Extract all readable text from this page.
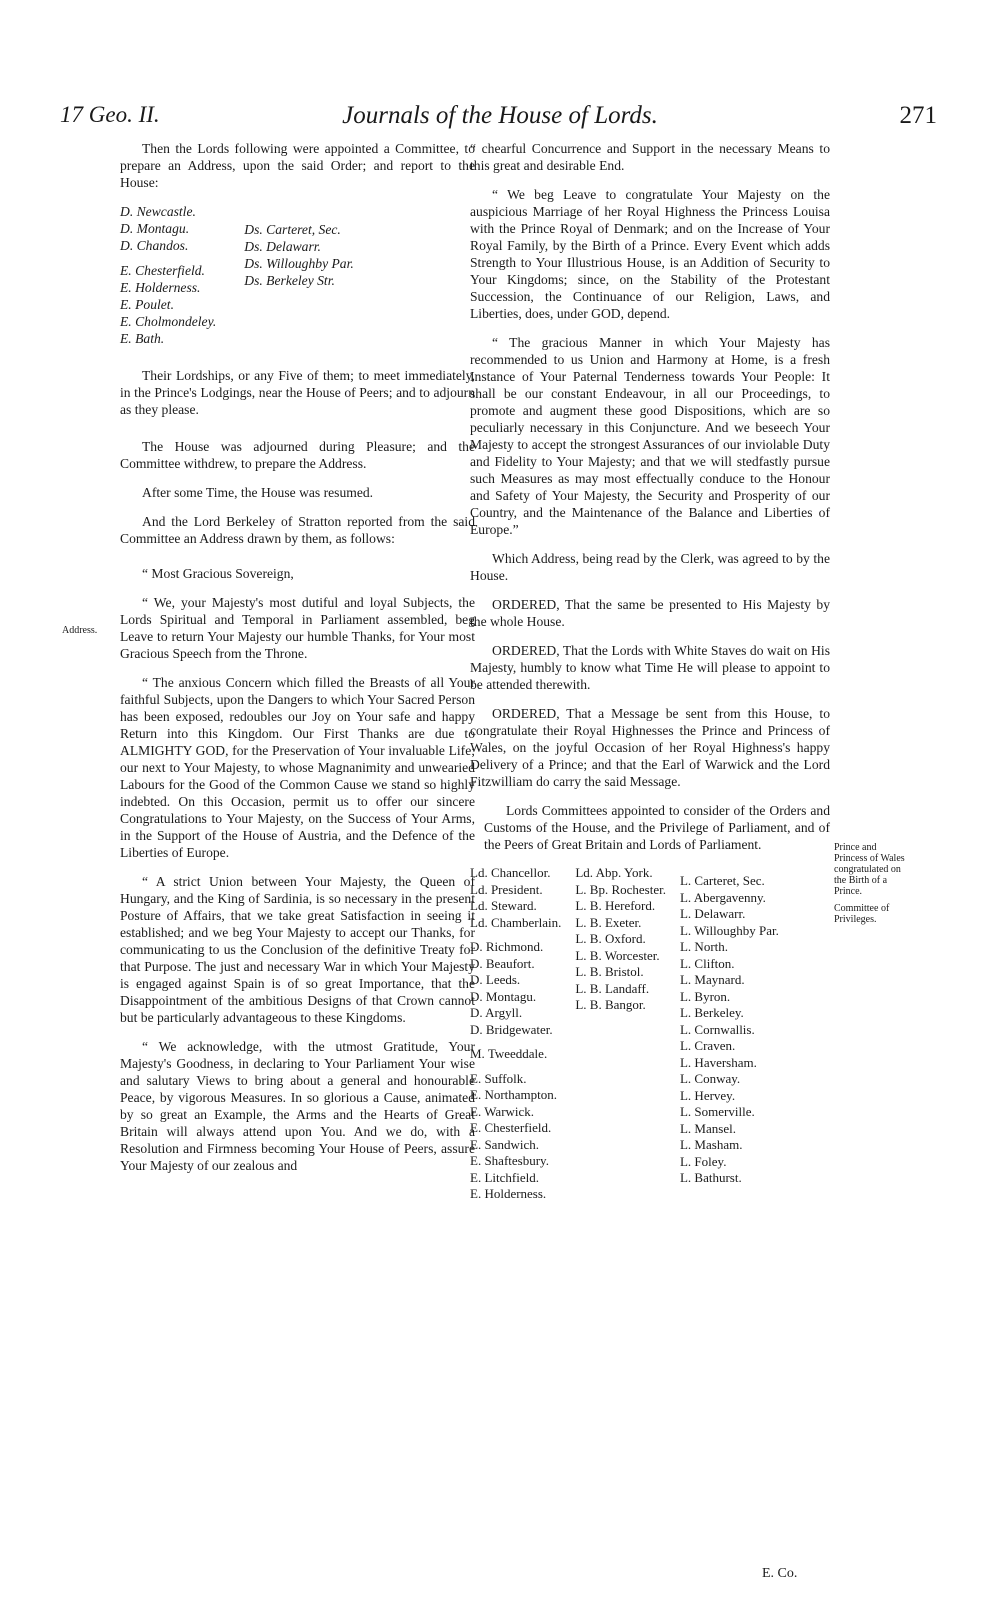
17 Geo. II.	Journals of the House of Lords.	271
Address.
Prince and Princess of Wales congratulated on the Birth of a Prince.
Committee of Privileges.

Then the Lords following were appointed a Committee, to prepare an Address, upon the said Order; and report to the House:

D. Newcastle.
D. Montagu.
D. Chandos.
E. Chesterfield.
E. Holderness.
E. Poulet.
E. Cholmondeley.
E. Bath.
Ds. Carteret, Sec.
Ds. Delawarr.
Ds. Willoughby Par.
Ds. Berkeley Str.

Their Lordships, or any Five of them; to meet immediately, in the Prince's Lodgings, near the House of Peers; and to adjourn as they please.

The House was adjourned during Pleasure; and the Committee withdrew, to prepare the Address.

After some Time, the House was resumed.

And the Lord Berkeley of Stratton reported from the said Committee an Address drawn by them, as follows:

“ Most Gracious Sovereign,

“ We, your Majesty's most dutiful and loyal Subjects, the Lords Spiritual and Temporal in Parliament assembled, beg Leave to return Your Majesty our humble Thanks, for Your most Gracious Speech from the Throne.

“ The anxious Concern which filled the Breasts of all Your faithful Subjects, upon the Dangers to which Your Sacred Person has been exposed, redoubles our Joy on Your safe and happy Return into this Kingdom. Our First Thanks are due to ALMIGHTY GOD, for the Preservation of Your invaluable Life; our next to Your Majesty, to whose Magnanimity and unwearied Labours for the Good of the Common Cause we stand so highly indebted. On this Occasion, permit us to offer our sincere Congratulations to Your Majesty, on the Success of Your Arms, in the Support of the House of Austria, and the Defence of the Liberties of Europe.

“ A strict Union between Your Majesty, the Queen of Hungary, and the King of Sardinia, is so necessary in the present Posture of Affairs, that we take great Satisfaction in seeing it established; and we beg Your Majesty to accept our Thanks, for communicating to us the Conclusion of the definitive Treaty for that Purpose. The just and necessary War in which Your Majesty is engaged against Spain is of so great Importance, that the Disappointment of the ambitious Designs of that Crown cannot but be particularly advantageous to these Kingdoms.

“ We acknowledge, with the utmost Gratitude, Your Majesty's Goodness, in declaring to Your Parliament Your wise and salutary Views to bring about a general and honourable Peace, by vigorous Measures. In so glorious a Cause, animated by so great an Example, the Arms and the Hearts of Great Britain will always attend upon You. And we do, with a Resolution and Firmness becoming Your House of Peers, assure Your Majesty of our zealous and

“ chearful Concurrence and Support in the necessary Means to this great and desirable End.

“ We beg Leave to congratulate Your Majesty on the auspicious Marriage of her Royal Highness the Princess Louisa with the Prince Royal of Denmark; and on the Increase of Your Royal Family, by the Birth of a Prince. Every Event which adds Strength to Your Illustrious House, is an Addition of Security to Your Kingdoms; since, on the Stability of the Protestant Succession, the Continuance of our Religion, Laws, and Liberties, does, under GOD, depend.

“ The gracious Manner in which Your Majesty has recommended to us Union and Harmony at Home, is a fresh Instance of Your Paternal Tenderness towards Your People: It shall be our constant Endeavour, in all our Proceedings, to promote and augment these good Dispositions, which are so peculiarly necessary in this Conjuncture. And we beseech Your Majesty to accept the strongest Assurances of our inviolable Duty and Fidelity to Your Majesty; and that we will stedfastly pursue such Measures as may most effectually conduce to the Honour and Safety of Your Majesty, the Security and Prosperity of our Country, and the Maintenance of the Balance and Liberties of Europe.”

Which Address, being read by the Clerk, was agreed to by the House.

ORDERED, That the same be presented to His Majesty by the whole House.

ORDERED, That the Lords with White Staves do wait on His Majesty, humbly to know what Time He will please to appoint to be attended therewith.

ORDERED, That a Message be sent from this House, to congratulate their Royal Highnesses the Prince and Princess of Wales, on the joyful Occasion of her Royal Highness's happy Delivery of a Prince; and that the Earl of Warwick and the Lord Fitzwilliam do carry the said Message.

Lords Committees appointed to consider of the Orders and Customs of the House, and the Privilege of Parliament, and of the Peers of Great Britain and Lords of Parliament.

Ld. Chancellor.
Ld. President.
Ld. Steward.
Ld. Chamberlain.
D. Richmond.
D. Beaufort.
D. Leeds.
D. Montagu.
D. Argyll.
D. Bridgewater.
M. Tweeddale.
E. Suffolk.
E. Northampton.
E. Warwick.
E. Chesterfield.
E. Sandwich.
E. Shaftesbury.
E. Litchfield.
E. Holderness.
Ld. Abp. York.
L. Bp. Rochester.
L. B. Hereford.
L. B. Exeter.
L. B. Oxford.
L. B. Worcester.
L. B. Bristol.
L. B. Landaff.
L. B. Bangor.
L. Carteret, Sec.
L. Abergavenny.
L. Delawarr.
L. Willoughby Par.
L. North.
L. Clifton.
L. Maynard.
L. Byron.
L. Berkeley.
L. Cornwallis.
L. Craven.
L. Haversham.
L. Conway.
L. Hervey.
L. Somerville.
L. Mansel.
L. Masham.
L. Foley.
L. Bathurst.
E. Co.
